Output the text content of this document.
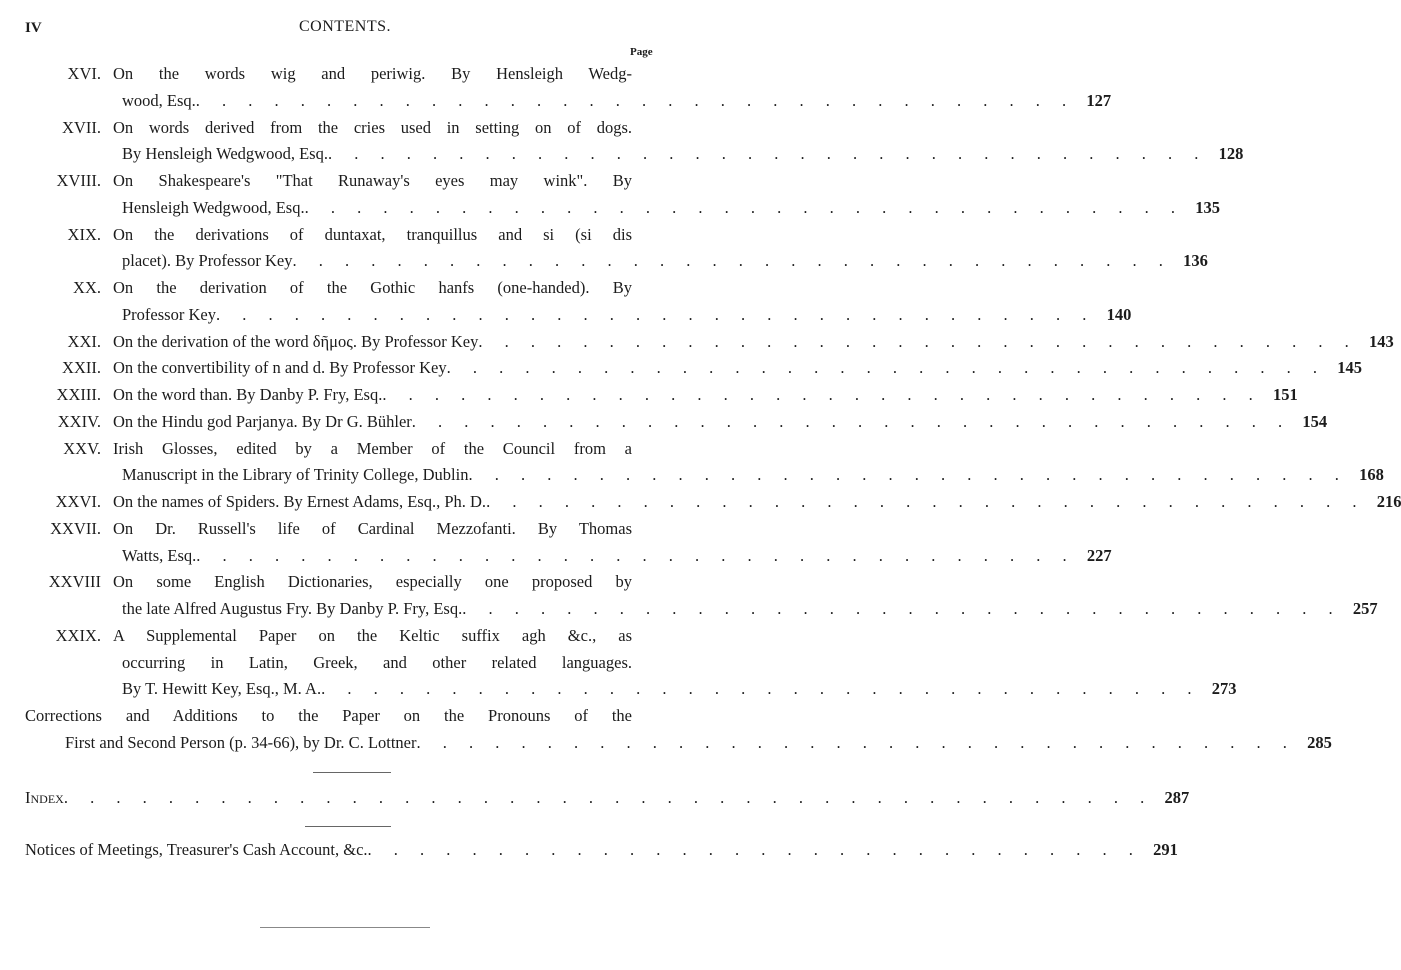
IV	CONTENTS.
Page
XVI. On the words wig and periwig. By Hensleigh Wedg-
wood, Esq. . . . . . . . . . . . . . . . . . . . . . . . . . . . . . . . . . . 127
XVII. On words derived from the cries used in setting on of dogs.
By Hensleigh Wedgwood, Esq. . . . . . . . . . . . . . . . . . . . . . . . . . . . . . . . . . . 128
XVIII. On Shakespeare's "That Runaway's eyes may wink". By
Hensleigh Wedgwood, Esq. . . . . . . . . . . . . . . . . . . . . . . . . . . . . . . . . . . 135
XIX. On the derivations of duntaxat, tranquillus and si (si dis
placet). By Professor Key . . . . . . . . . . . . . . . . . . . . . . . . . . . . . . . . . . 136
XX. On the derivation of the Gothic hanfs (one-handed). By
Professor Key . . . . . . . . . . . . . . . . . . . . . . . . . . . . . . . . . . 140
XXI. On the derivation of the word δῆμος. By Professor Key . . . . . . . . . . . . . . . . . . . . . . . . . . . . . . . . . . 143
XXII. On the convertibility of n and d. By Professor Key . . . . . . . . . . . . . . . . . . . . . . . . . . . . . . . . . . 145
XXIII. On the word than. By Danby P. Fry, Esq. . . . . . . . . . . . . . . . . . . . . . . . . . . . . . . . . . . 151
XXIV. On the Hindu god Parjanya. By Dr G. Bühler . . . . . . . . . . . . . . . . . . . . . . . . . . . . . . . . . . 154
XXV. Irish Glosses, edited by a Member of the Council from a
Manuscript in the Library of Trinity College, Dublin . . . . . . . . . . . . . . . . . . . . . . . . . . . . . . . . . . 168
XXVI. On the names of Spiders. By Ernest Adams, Esq., Ph. D. . . . . . . . . . . . . . . . . . . . . . . . . . . . . . . . . . . 216
XXVII. On Dr. Russell's life of Cardinal Mezzofanti. By Thomas
Watts, Esq. . . . . . . . . . . . . . . . . . . . . . . . . . . . . . . . . . . 227
XXVIII On some English Dictionaries, especially one proposed by
the late Alfred Augustus Fry. By Danby P. Fry, Esq. . . . . . . . . . . . . . . . . . . . . . . . . . . . . . . . . . . 257
XXIX. A Supplemental Paper on the Keltic suffix agh &c., as
occurring in Latin, Greek, and other related languages.
By T. Hewitt Key, Esq., M. A. . . . . . . . . . . . . . . . . . . . . . . . . . . . . . . . . . . 273
Corrections and Additions to the Paper on the Pronouns of the
First and Second Person (p. 34-66), by Dr. C. Lottner . . . . . . . . . . . . . . . . . . . . . . . . . . . . . . . . . . 285
Index . . . . . . . . . . . . . . . . . . . . . . . . . . . . . . . . . . . . . . . . . . 287
Notices of Meetings, Treasurer's Cash Account, &c. . . . . . . . . . . . . . . . . . . . . . . . . . . . . . . 291
